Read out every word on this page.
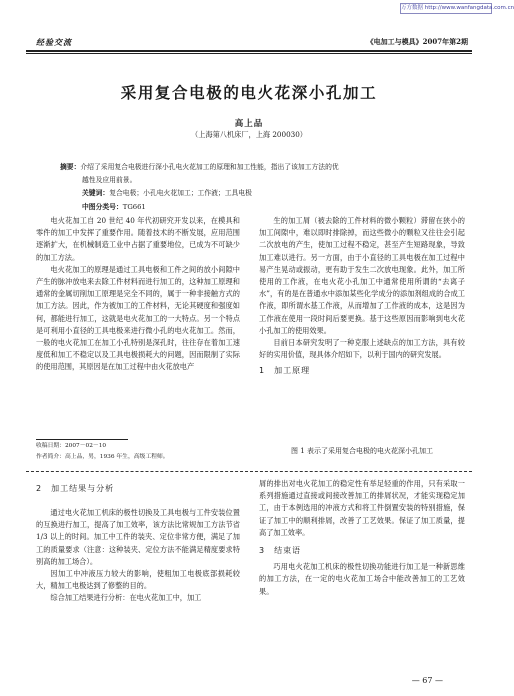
万方数据 http://www.wanfangdata.com.cn
经验交流	《电加工与模具》2007年第2期
采用复合电极的电火花深小孔加工
高上品
（上海第八机床厂，上海 200030）
摘要：介绍了采用复合电极进行深小孔电火花加工的原理和加工性能，指出了该加工方法的优
越性及应用前景。
关键词：复合电极；小孔电火花加工；工作液；工具电极
中图分类号：TG661

电火花加工自 20 世纪 40 年代初研究开发以来，在模具和零件的加工中发挥了重要作用。随着技术的不断发展，应用范围逐渐扩大，在机械制造工业中占据了重要地位，已成为不可缺少的加工方法。

电火花加工的原理是通过工具电极和工件之间的放小间隙中产生的脉冲放电来去除工件材料而进行加工的，这种加工原理和通常的金属切削加工原理是完全不同的，属于一种非接触方式的加工方法。因此，作为被加工的工件材料，无论其硬度和强度如何，都能进行加工，这就是电火花加工的一大特点。另一个特点是可利用小直径的工具电极来进行微小孔的电火花加工。然而，一般的电火花加工在加工小孔特别是深孔时，往往存在着加工速度低和加工不稳定以及工具电极损耗大的问题，因而限制了实际的使用范围，其原因是在加工过程中由火花放电产

收稿日期：2007－02－10
作者简介：高上品，男，1936 年生，高级工程师。

生的加工屑（被去除的工件材料的微小颗粒）滞留在狭小的加工间隙中，难以即时排除掉，而这些微小的颗粒又往往会引起二次放电的产生，使加工过程不稳定，甚至产生短路现象，导致加工难以进行。另一方面，由于小直径的工具电极在加工过程中易产生晃动或振动，更有助于发生二次放电现象。此外，加工所使用的工作液，在电火花小孔加工中通常使用所谓的“去离子水”，有的是在普通水中添加某些化学成分的添加剂组成的合成工作液，即所谓水基工作液，从而增加了工作液的成本，这是因为工作液在使用一段时间后要更换。基于这些原因而影响到电火花小孔加工的使用效果。

目前日本研究发明了一种克服上述缺点的加工方法，具有较好的实用价值，现具体介绍如下，以利于国内的研究发展。

1　加工原理

图 1 表示了采用复合电极的电火花深小孔加工

2　加工结果与分析

通过电火花加工机床的极性切换及工具电极与工件安装位置的互换进行加工，提高了加工效率，该方法比常规加工方法节省 1/3 以上的时间。加工中工件的装夹、定位非常方便，满足了加工的质量要求（注意：这种装夹、定位方法不能满足精度要求特别高的加工场合）。

因加工中冲液压力较大的影响，使粗加工电极底部损耗较大，精加工电极达到了修整的目的。

综合加工结果进行分析：在电火花加工中，加工

屑的排出对电火花加工的稳定性有举足轻重的作用，只有采取一系列措施通过直接或间接改善加工的排屑状况，才能实现稳定加工，由于本例选用的冲液方式和将工件倒置安装的特别措施，保证了加工中的顺利排屑，改善了工艺效果。保证了加工质量，提高了加工效率。

3　结束语

巧用电火花加工机床的极性切换功能进行加工是一种新思维的加工方法，在一定的电火花加工场合中能改善加工的工艺效果。

— 67 —
